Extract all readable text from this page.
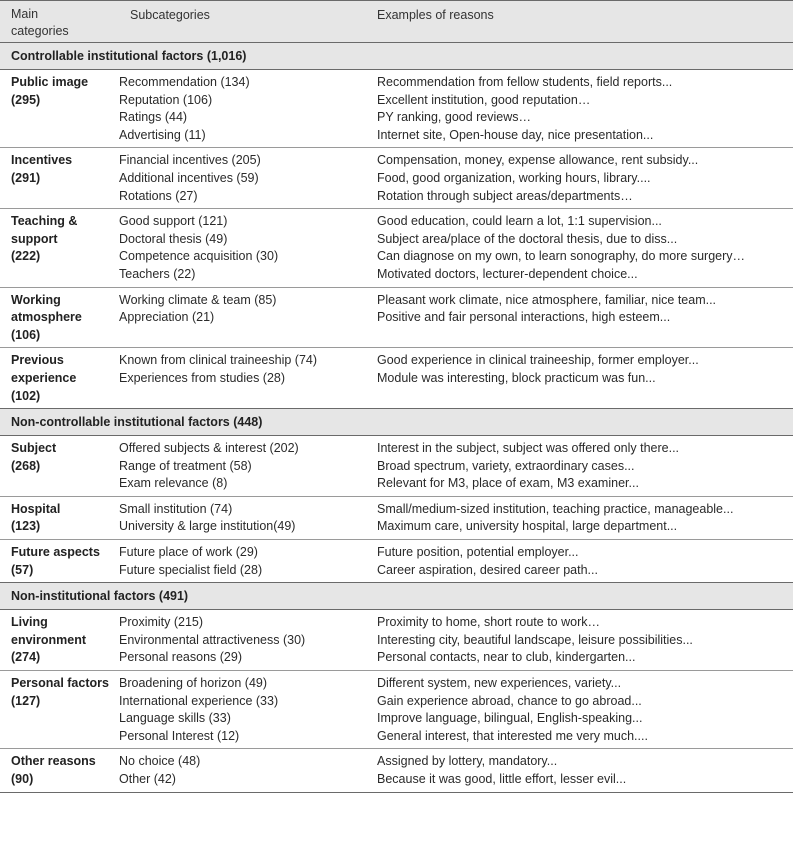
Main categories
Subcategories	Examples of reasons
Controllable institutional factors (1,016)
Public image
(295)
Recommendation (134)	Recommendation from fellow students, field reports...
Reputation (106)	Excellent institution, good reputation…
Ratings (44)	PY ranking, good reviews…
Advertising (11)	Internet site, Open-house day, nice presentation...
Incentives
(291)
Financial incentives (205)	Compensation, money, expense allowance, rent subsidy...
Additional incentives (59)	Food, good organization, working hours, library....
Rotations (27)	Rotation through subject areas/departments…
Teaching & support
(222)
Good support (121)	Good education, could learn a lot, 1:1 supervision...
Doctoral thesis (49)	Subject area/place of the doctoral thesis, due to diss...
Competence acquisition (30)	Can diagnose on my own, to learn sonography, do more surgery…
Teachers (22)	Motivated doctors, lecturer-dependent choice...
Working atmosphere
(106)
Working climate & team (85)	Pleasant work climate, nice atmosphere, familiar, nice team...
Appreciation (21)	Positive and fair personal interactions, high esteem...
Previous experience
(102)
Known from clinical traineeship (74)	Good experience in clinical traineeship, former employer...
Experiences from studies (28)	Module was interesting, block practicum was fun...
Non-controllable institutional factors (448)
Subject
(268)
Offered subjects & interest (202)	Interest in the subject, subject was offered only there...
Range of treatment (58)	Broad spectrum, variety, extraordinary cases...
Exam relevance (8)	Relevant for M3, place of exam, M3 examiner...
Hospital
(123)
Small institution (74)	Small/medium-sized institution, teaching practice, manageable...
University & large institution(49)	Maximum care, university hospital, large department...
Future aspects
(57)
Future place of work (29)	Future position, potential employer...
Future specialist field (28)	Career aspiration, desired career path...
Non-institutional factors (491)
Living environment
(274)
Proximity (215)	Proximity to home, short route to work…
Environmental attractiveness (30)	Interesting city, beautiful landscape, leisure possibilities...
Personal reasons (29)	Personal contacts, near to club, kindergarten...
Personal factors
(127)
Broadening of horizon (49)	Different system, new experiences, variety...
International experience (33)	Gain experience abroad, chance to go abroad...
Language skills (33)	Improve language, bilingual, English-speaking...
Personal Interest (12)	General interest, that interested me very much....
Other reasons
(90)
No choice (48)	Assigned by lottery, mandatory...
Other (42)	Because it was good, little effort, lesser evil...
